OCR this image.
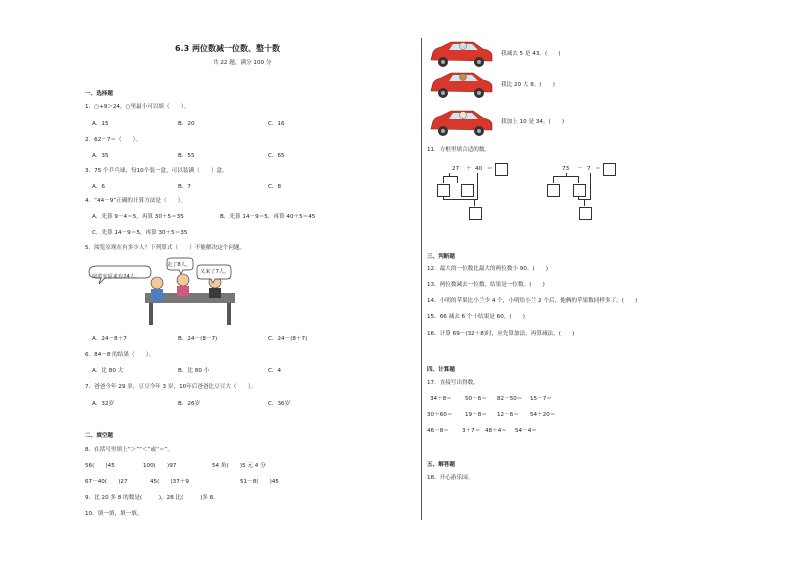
6.3 两位数减一位数、整十数
共 22 题，满分 100 分
一、选择题
1．○+9＞24，○里最小可以填（　　）。
A．15	B．20	C．16
2．62－7＝（　　）。
A．35	B．55	C．65
3．75 个乒乓球，每10个装一盒，可以装满（　　）盒。
A．6	B．7	C．8
4．“44－9”正确的计算方法是（　　）。
A．先算 9－4＝5，再算 30＋5＝35	B．先算 14－9＝5，再算 40＋5＝45
C．先算 14－9＝5，再算 30＋5＝35
5．阅览室现在有多少人？下列算式（　　）不能解决这个问题。
走了8人。
阅览室原来有24人。
又来了7人。
A．24－8＋7	B．24－(8－7)	C．24－(8＋7)
6．84－8 的结果（　　）。
A．比 80 大	B．比 80 小	C．4
7．爸爸今年 29 岁，豆豆今年 3 岁，10年后爸爸比豆豆大（　　）。
A．32岁	B．26岁	C．36岁
二、填空题
8．在括号里填上“＞”“＜”或“＝”。
56(　　)45	100(　　)97	54 角(　　)5 元 4 分
67－40(　　)27	45(　　)37＋9	51－8(　　)45
9．比 20 多 8 的数是(　　　)，28 比(　　　)多 8。
10．填一填，填一填。
我减去 5 是 43。(　　)
我比 20 大 8。(　　)
我加上 10 是 34。(　　)
11．方框里填合适的数。
27 ＋ 40 ＝	73 － 7 ＝
三、判断题
12．最大的一位数比最大的两位数小 90。(　　)
13．两位数减去一位数，结果是一位数。(　　)
14．小明的苹果比小兰少 4 个，小明给小兰 2 个后，他俩的苹果数同样多了。(　　)
15．66 减去 6 个十结果是 60。(　　)
16．计算 69－(32＋8)时，应先算加法，再算减法。(　　)
四、计算题
17．直接写出得数。
34＋8＝ 50－6＝ 82－50＝ 15－7＝
30＋60＝ 19－8＝ 12－6＝ 54＋20＝
46－8＝ 3＋7＝ 48＋4＝ 54－4＝
五、解答题
18．开心游乐园。
